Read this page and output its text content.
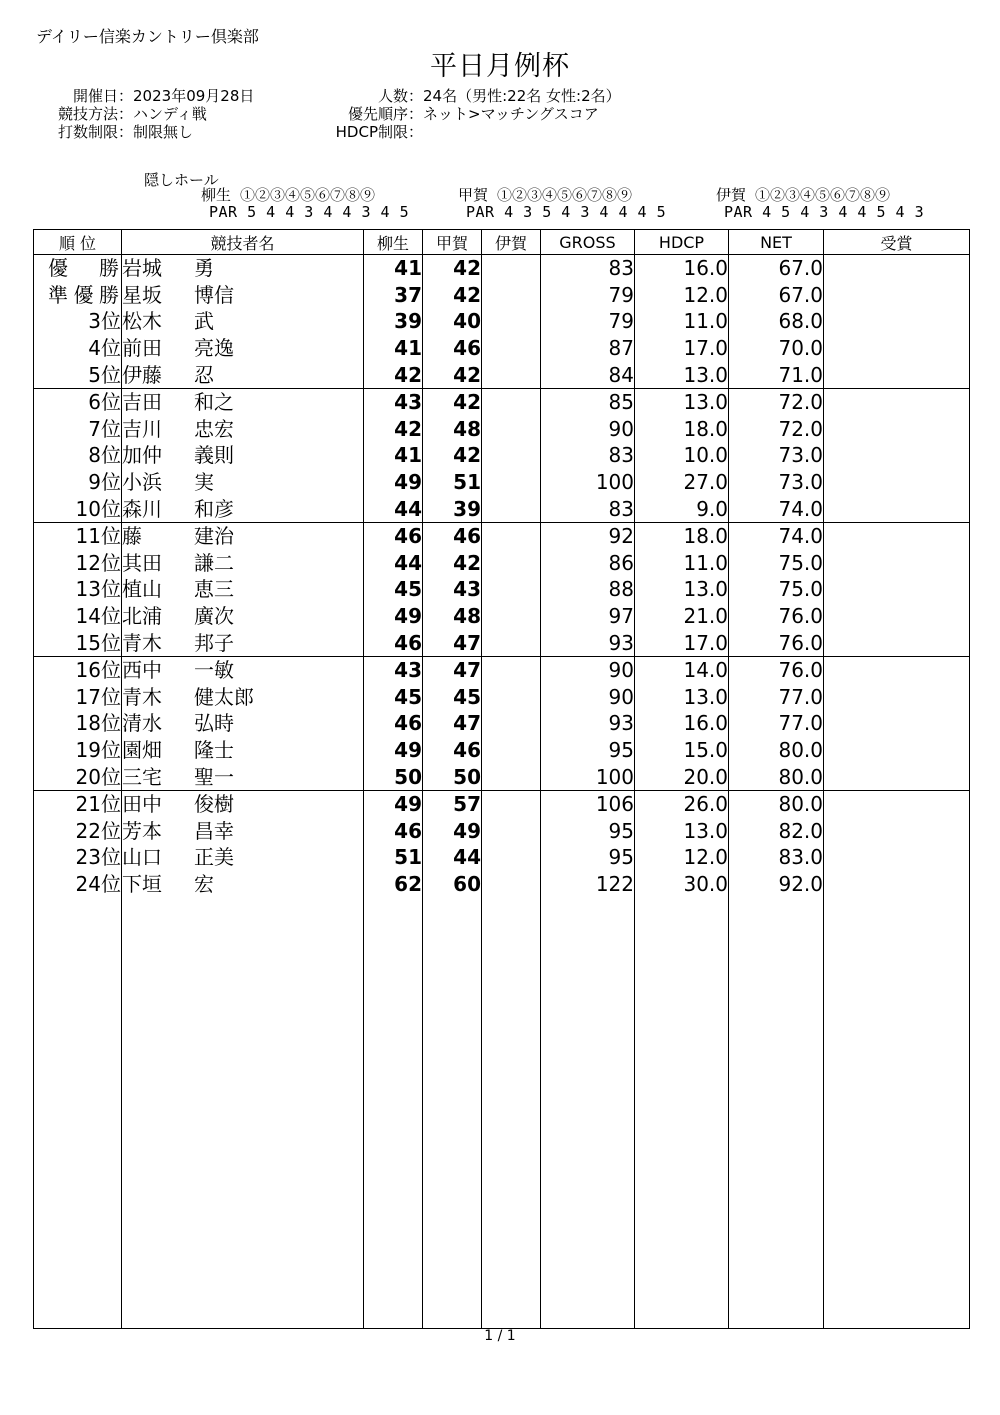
デイリー信楽カントリー倶楽部
平日月例杯
開催日：2023年09月28日
競技方法：ハンディ戦
打数制限：制限無し
人数：24名（男性:22名 女性:2名）
優先順序：ネット>マッチングスコア
HDCP制限：
隠しホール
柳生 ①②③④⑤⑥⑦⑧⑨
PAR 5 4 4 3 4 4 3 4 5
甲賀 ①②③④⑤⑥⑦⑧⑨
PAR 4 3 5 4 3 4 4 4 5
伊賀 ①②③④⑤⑥⑦⑧⑨
PAR 4 5 4 3 4 4 5 4 3
順 位	競技者名	柳生	甲賀	伊賀	GROSS	HDCP	NET	受賞
優 勝	岩城 勇	41	42		83	16.0	67.0	
準優勝	星坂 博信	37	42		79	12.0	67.0	
3位	松木 武	39	40		79	11.0	68.0	
4位	前田 亮逸	41	46		87	17.0	70.0	
5位	伊藤 忍	42	42		84	13.0	71.0	
6位	吉田 和之	43	42		85	13.0	72.0	
7位	吉川 忠宏	42	48		90	18.0	72.0	
8位	加仲 義則	41	42		83	10.0	73.0	
9位	小浜 実	49	51		100	27.0	73.0	
10位	森川 和彦	44	39		83	9.0	74.0	
11位	藤 建治	46	46		92	18.0	74.0	
12位	其田 謙二	44	42		86	11.0	75.0	
13位	植山 恵三	45	43		88	13.0	75.0	
14位	北浦 廣次	49	48		97	21.0	76.0	
15位	青木 邦子	46	47		93	17.0	76.0	
16位	西中 一敏	43	47		90	14.0	76.0	
17位	青木 健太郎	45	45		90	13.0	77.0	
18位	清水 弘時	46	47		93	16.0	77.0	
19位	園畑 隆士	49	46		95	15.0	80.0	
20位	三宅 聖一	50	50		100	20.0	80.0	
21位	田中 俊樹	49	57		106	26.0	80.0	
22位	芳本 昌幸	46	49		95	13.0	82.0	
23位	山口 正美	51	44		95	12.0	83.0	
24位	下垣 宏	62	60		122	30.0	92.0	

1 / 1
